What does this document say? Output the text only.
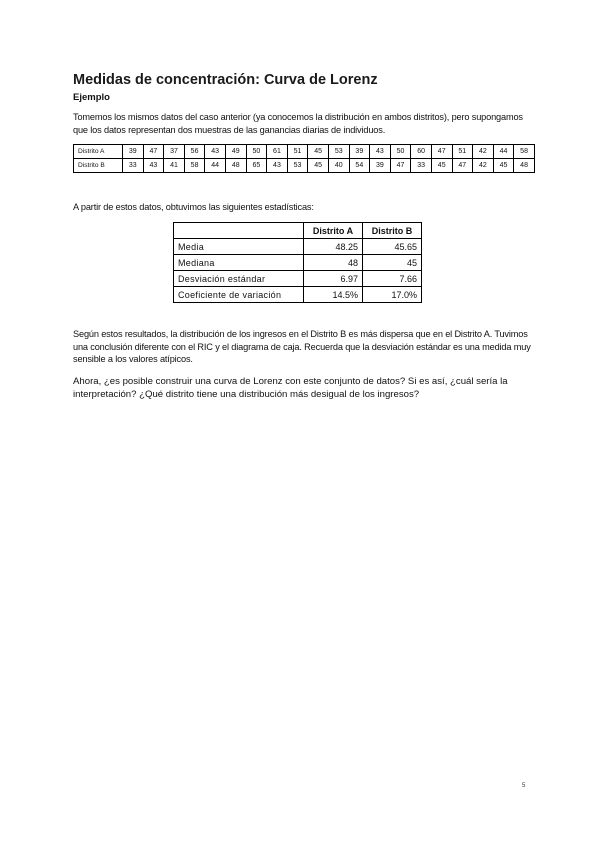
Medidas de concentración: Curva de Lorenz
Ejemplo
Tomemos los mismos datos del caso anterior (ya conocemos la distribución en ambos distritos), pero supongamos que los datos representan dos muestras de las ganancias diarias de individuos.
Distrito A	39	47	37	56	43	49	50	61	51	45	53	39	43	50	60	47	51	42	44	58
Distrito B	33	43	41	58	44	48	65	43	53	45	40	54	39	47	33	45	47	42	45	48
A partir de estos datos, obtuvimos las siguientes estadísticas:
	Distrito A	Distrito B
Media	48.25	45.65
Mediana	48	45
Desviación estándar	6.97	7.66
Coeficiente de variación	14.5%	17.0%
Según estos resultados, la distribución de los ingresos en el Distrito B es más dispersa que en el Distrito A. Tuvimos una conclusión diferente con el RIC y el diagrama de caja. Recuerda que la desviación estándar es una medida muy sensible a los valores atípicos.
Ahora, ¿es posible construir una curva de Lorenz con este conjunto de datos? Si es así, ¿cuál sería la interpretación? ¿Qué distrito tiene una distribución más desigual de los ingresos?
5
